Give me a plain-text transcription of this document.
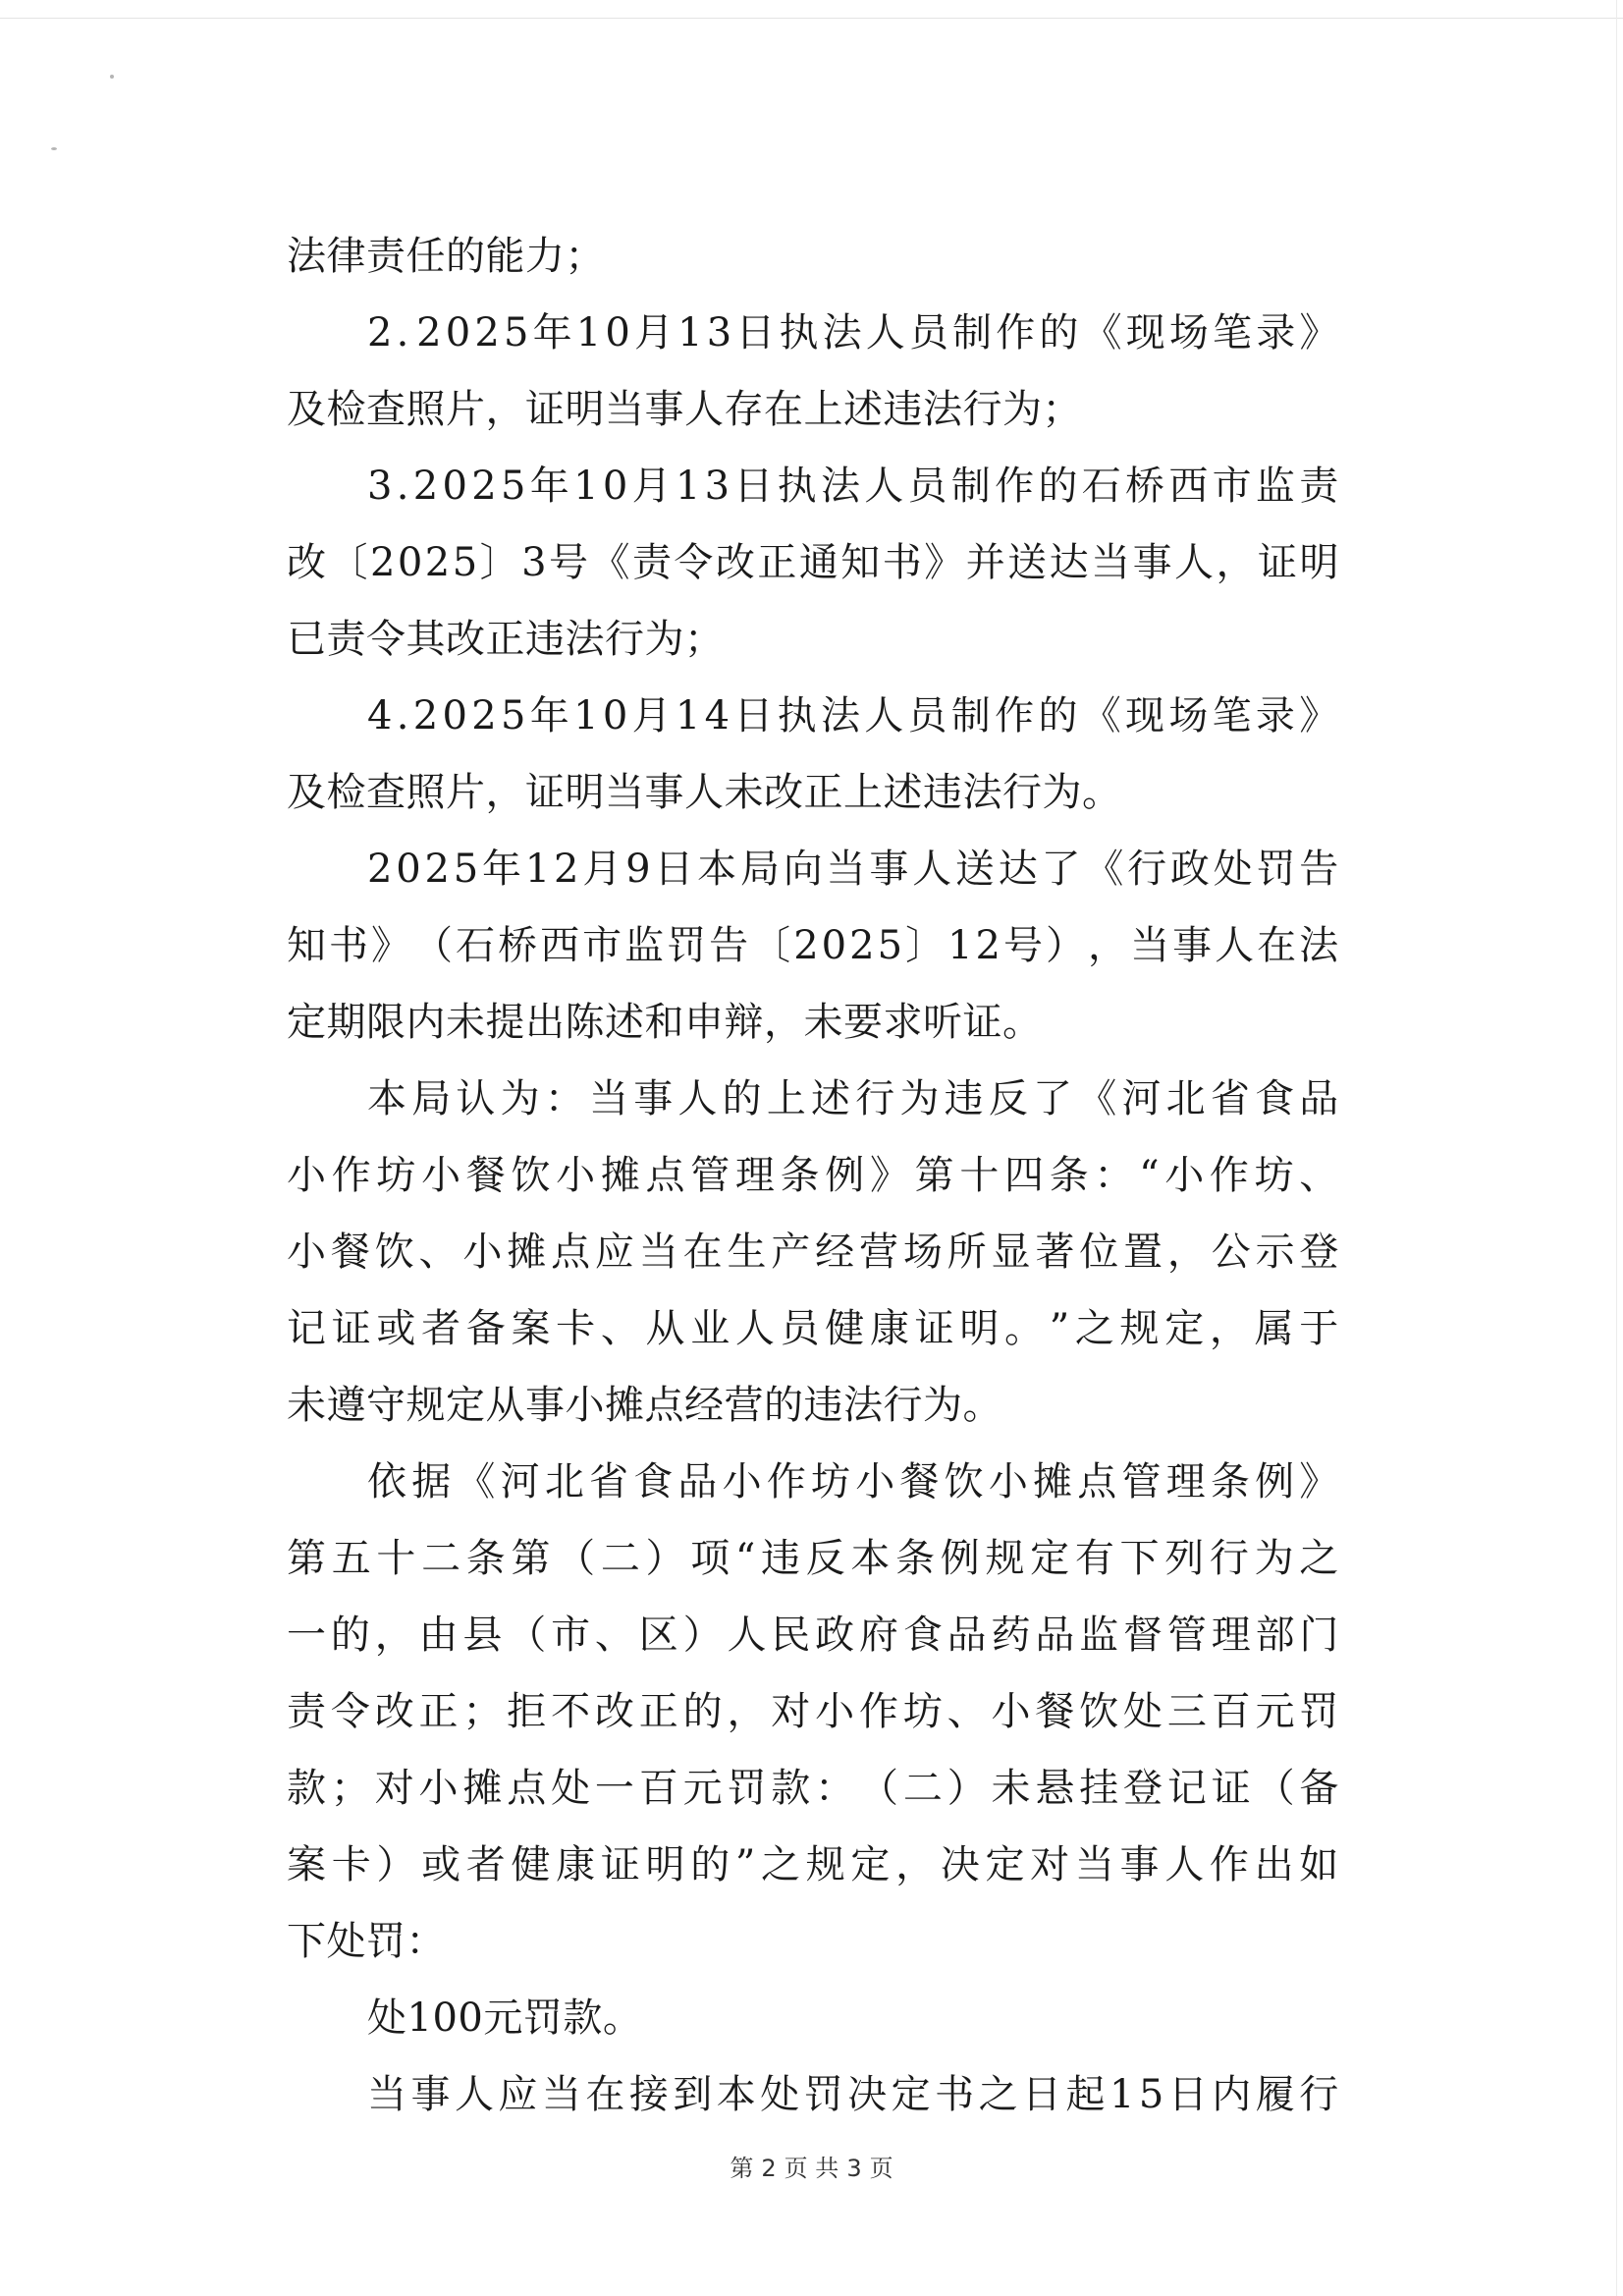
法律责任的能力；
2 . 2 0 2 5 年 1 0 月 1 3 日 执 法 人 员 制 作 的 《 现 场 笔 录 》
及检查照片，证明当事人存在上述违法行为；
3 . 2 0 2 5 年 1 0 月 1 3 日 执 法 人 员 制 作 的 石 桥 西 市 监 责
改 〔 2 0 2 5 〕 3 号 《 责 令 改 正 通 知 书 》 并 送 达 当 事 人 ， 证 明
已责令其改正违法行为；
4 . 2 0 2 5 年 1 0 月 1 4 日 执 法 人 员 制 作 的 《 现 场 笔 录 》
及检查照片，证明当事人未改正上述违法行为。
2 0 2 5 年 1 2 月 9 日 本 局 向 当 事 人 送 达 了 《 行 政 处 罚 告
知 书 》 （ 石 桥 西 市 监 罚 告 〔 2 0 2 5 〕 1 2 号 ） ， 当 事 人 在 法
定期限内未提出陈述和申辩，未要求听证。
本 局 认 为 ： 当 事 人 的 上 述 行 为 违 反 了 《 河 北 省 食 品
小 作 坊 小 餐 饮 小 摊 点 管 理 条 例 》 第 十 四 条 ： “ 小 作 坊 、
小 餐 饮 、 小 摊 点 应 当 在 生 产 经 营 场 所 显 著 位 置 ， 公 示 登
记 证 或 者 备 案 卡 、 从 业 人 员 健 康 证 明 。 ” 之 规 定 ， 属 于
未遵守规定从事小摊点经营的违法行为。
依 据 《 河 北 省 食 品 小 作 坊 小 餐 饮 小 摊 点 管 理 条 例 》
第 五 十 二 条 第 （ 二 ） 项 “ 违 反 本 条 例 规 定 有 下 列 行 为 之
一 的 ， 由 县 （ 市 、 区 ） 人 民 政 府 食 品 药 品 监 督 管 理 部 门
责 令 改 正 ； 拒 不 改 正 的 ， 对 小 作 坊 、 小 餐 饮 处 三 百 元 罚
款 ； 对 小 摊 点 处 一 百 元 罚 款 ： （ 二 ） 未 悬 挂 登 记 证 （ 备
案 卡 ） 或 者 健 康 证 明 的 ” 之 规 定 ， 决 定 对 当 事 人 作 出 如
下处罚：
处100元罚款。
当 事 人 应 当 在 接 到 本 处 罚 决 定 书 之 日 起 1 5 日 内 履 行
第 2 页 共 3 页
